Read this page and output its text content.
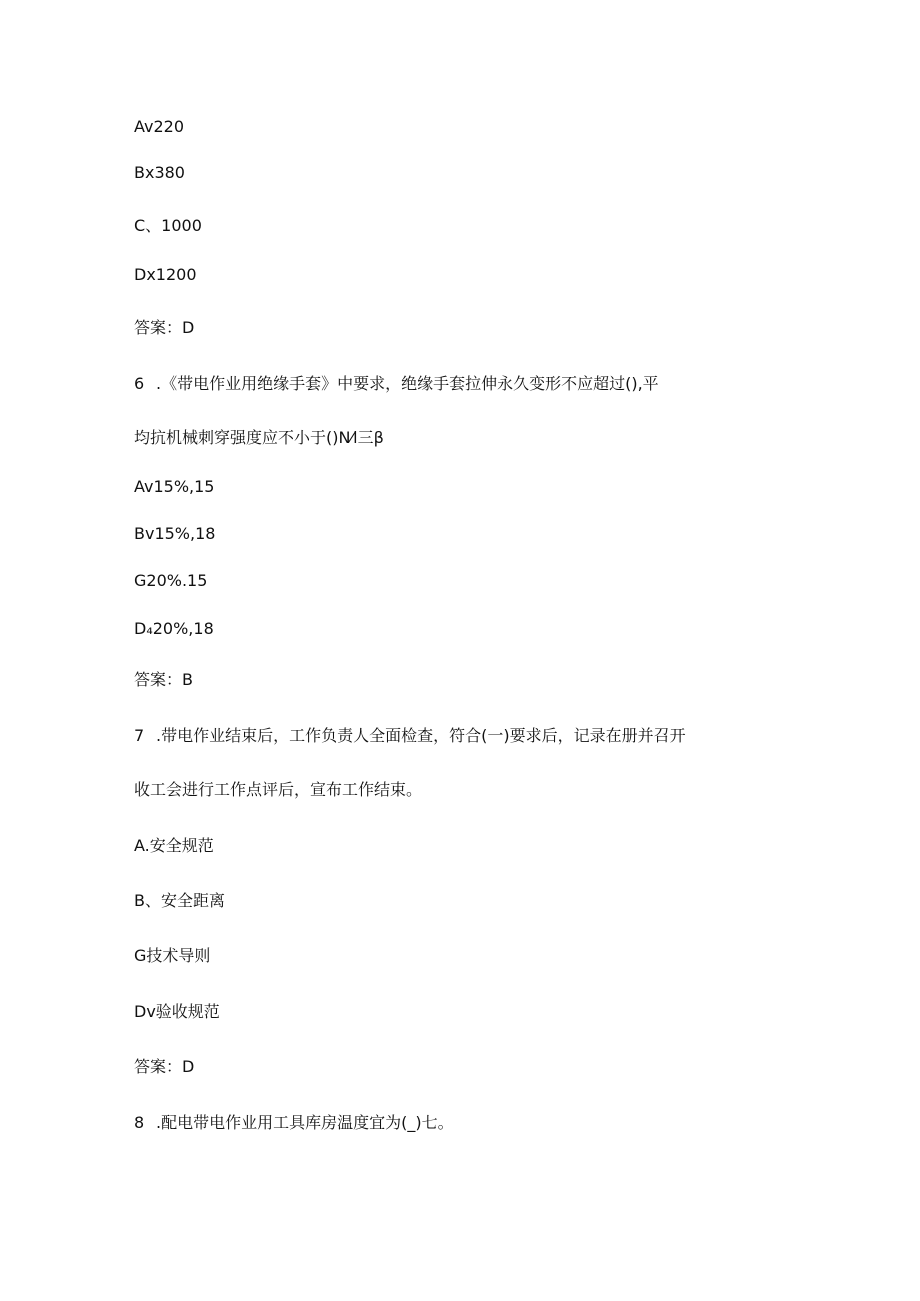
Av220
Bx380
C、1000
Dx1200
答案：D
6 .《带电作业用绝缘手套》中要求，绝缘手套拉伸永久变形不应超过(),平
均抗机械刺穿强度应不小于()N⁄l三β
Av15%,15
Bv15%,18
G20%.15
D₄20%,18
答案：B
7 .带电作业结束后，工作负责人全面检查，符合(一)要求后，记录在册并召开
收工会进行工作点评后，宣布工作结束。
A.安全规范
B、安全距离
G技术导则
Dv验收规范
答案：D
8 .配电带电作业用工具库房温度宜为(_)七。
